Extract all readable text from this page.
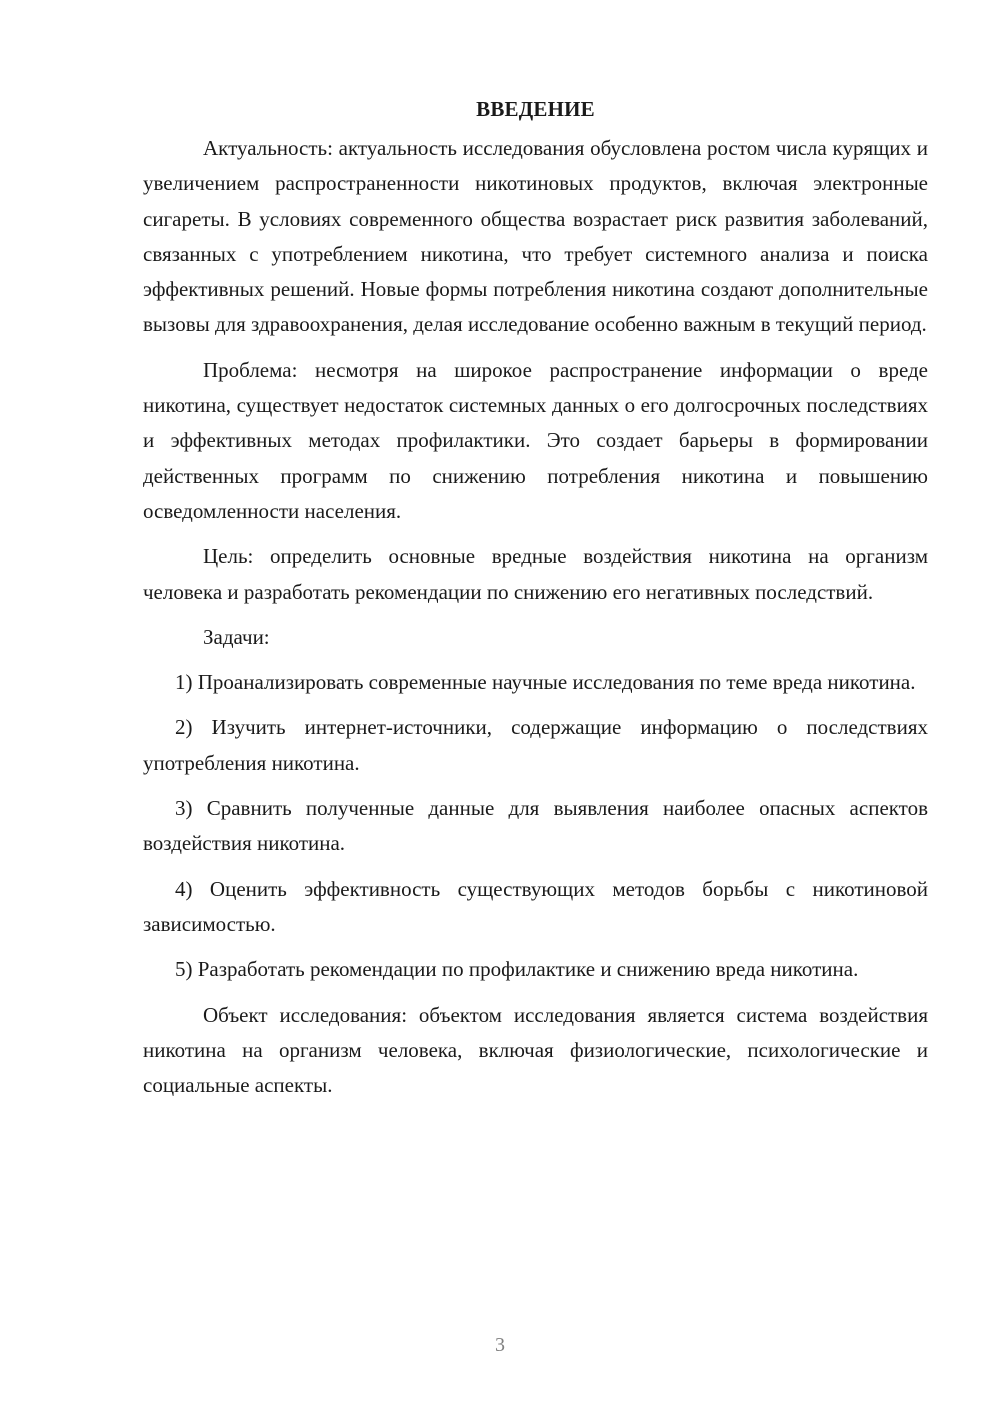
ВВЕДЕНИЕ

Актуальность: актуальность исследования обусловлена ростом числа курящих и увеличением распространенности никотиновых продуктов, включая электронные сигареты. В условиях современного общества возрастает риск развития заболеваний, связанных с употреблением никотина, что требует системного анализа и поиска эффективных решений. Новые формы потребления никотина создают дополнительные вызовы для здравоохранения, делая исследование особенно важным в текущий период.

Проблема: несмотря на широкое распространение информации о вреде никотина, существует недостаток системных данных о его долгосрочных последствиях и эффективных методах профилактики. Это создает барьеры в формировании действенных программ по снижению потребления никотина и повышению осведомленности населения.

Цель: определить основные вредные воздействия никотина на организм человека и разработать рекомендации по снижению его негативных последствий.

Задачи:

1) Проанализировать современные научные исследования по теме вреда никотина.

2) Изучить интернет-источники, содержащие информацию о последствиях употребления никотина.

3) Сравнить полученные данные для выявления наиболее опасных аспектов воздействия никотина.

4) Оценить эффективность существующих методов борьбы с никотиновой зависимостью.

5) Разработать рекомендации по профилактике и снижению вреда никотина.

Объект исследования: объектом исследования является система воздействия никотина на организм человека, включая физиологические, психологические и социальные аспекты.

3
